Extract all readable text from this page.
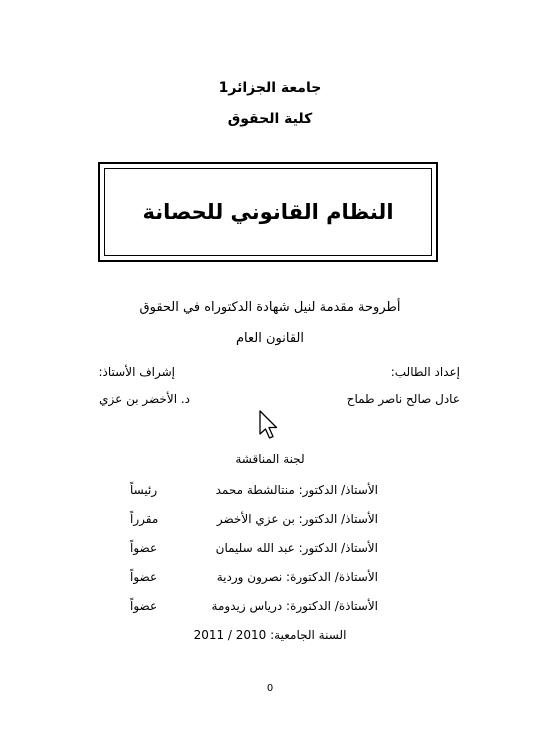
جامعة الجزائر1
كلية الحقوق
النظام القانوني للحصانة
أطروحة مقدمة لنيل شهادة الدكتوراه في الحقوق
القانون العام
إعداد الطالب:
إشراف الأستاذ:
عادل صالح ناصر طماح
د. الأخضر بن عزي
لجنة المناقشة
الأستاذ/ الدكتور: منتالشطة محمد
رئيساً
الأستاذ/ الدكتور: بن عزي الأخضر
مقرراً
الأستاذ/ الدكتور: عبد الله سليمان
عضواً
الأستاذة/ الدكتورة: نصرون وردية
عضواً
الأستاذة/ الدكتورة: درياس زيدومة
عضواً
السنة الجامعية: 2010 / 2011
0
